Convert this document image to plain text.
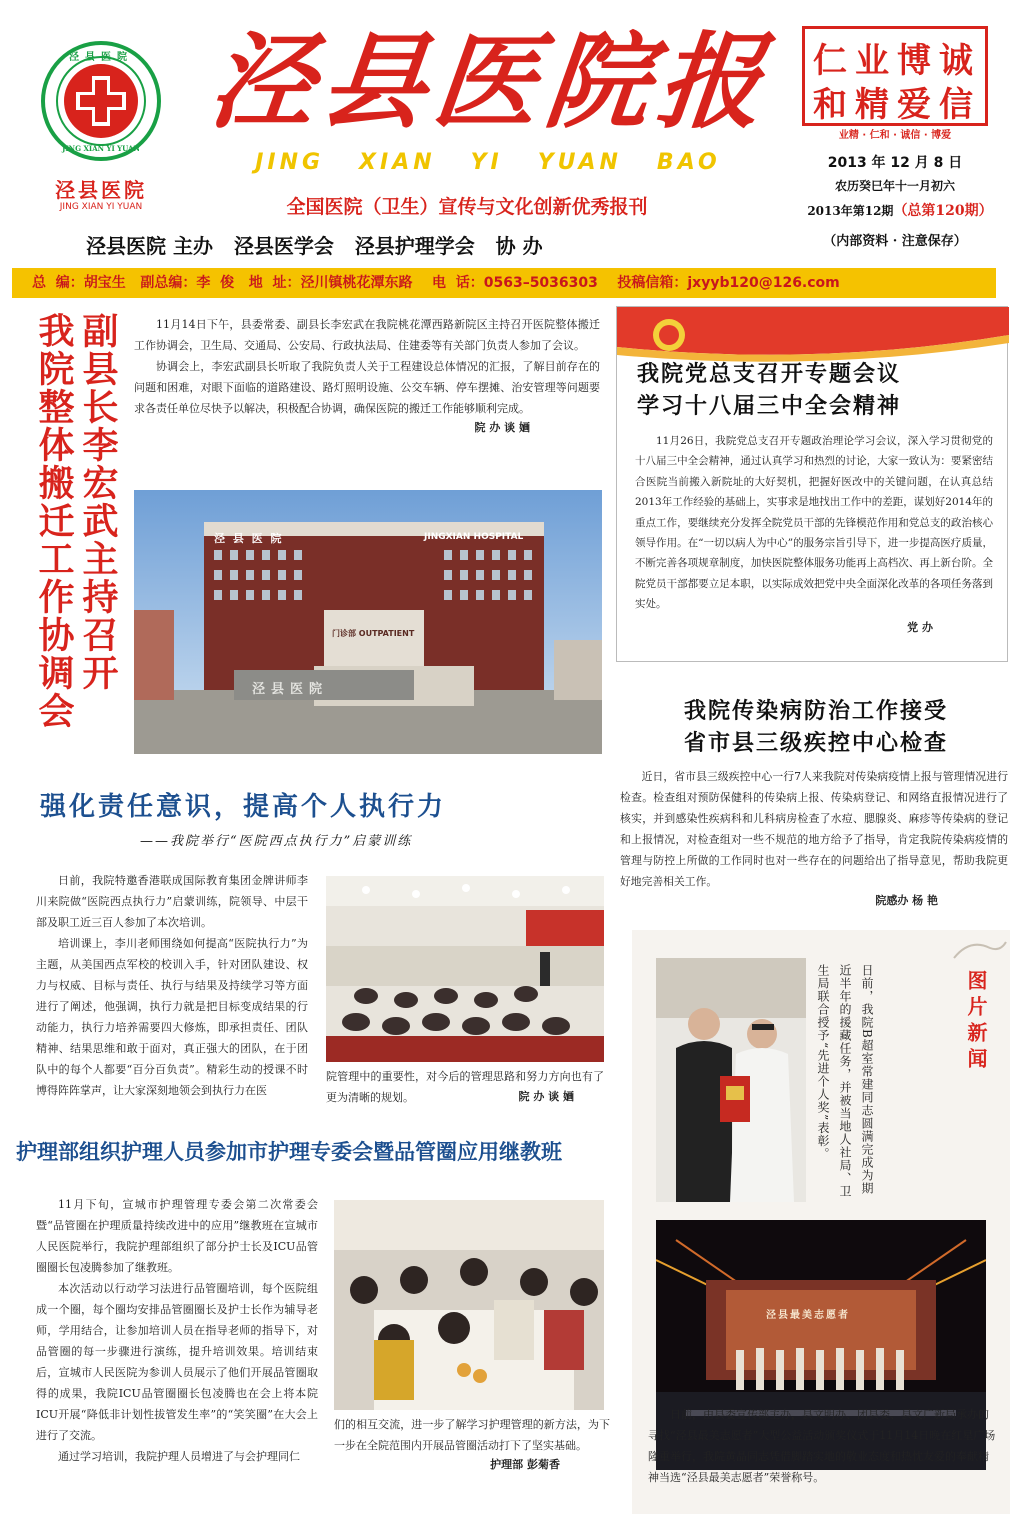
泾县医院
JING XIAN YI YUAN
泾县医院
JING XIAN YI YUAN
泾县医院报
JING   XIAN   YI   YUAN   BAO
全国医院（卫生）宣传与文化创新优秀报刊
泾县医院 主办   泾县医学会   泾县护理学会   协 办
诚
信
博
爱
业
精
仁
和
业精 · 仁和 · 诚信 · 博爱
2013 年 12 月 8 日
农历癸巳年十一月初六
2013年第12期（总第120期）
（内部资料 · 注意保存）
总  编：胡宝生   副总编：李  俊   地  址：泾川镇桃花潭东路    电  话：0563–5036303    投稿信箱：jxyyb120@126.com
我院整体搬迁工作协调会 副县长李宏武主持召开	11月14日下午，县委常委、副县长李宏武在我院桃花潭西路新院区主持召开医院整体搬迁工作协调会，卫生局、交通局、公安局、行政执法局、住建委等有关部门负责人参加了会议。

协调会上，李宏武副县长听取了我院负责人关于工程建设总体情况的汇报，了解目前存在的问题和困难，对眼下面临的道路建设、路灯照明设施、公交车辆、停车摆摊、治安管理等问题要求各责任单位尽快予以解决，积极配合协调，确保医院的搬迁工作能够顺利完成。

院 办 谈 婳
泾 县 医 院	JINGXIAN HOSPITAL
门诊部 OUTPATIENT
泾县医院
我院党总支召开专题会议
学习十八届三中全会精神

11月26日，我院党总支召开专题政治理论学习会议，深入学习贯彻党的十八届三中全会精神，通过认真学习和热烈的讨论，大家一致认为：要紧密结合医院当前搬入新院址的大好契机，把握好医改中的关键问题，在认真总结2013年工作经验的基础上，实事求是地找出工作中的差距，谋划好2014年的重点工作，要继续充分发挥全院党员干部的先锋模范作用和党总支的政治核心领导作用。在“一切以病人为中心”的服务宗旨引导下，进一步提高医疗质量，不断完善各项规章制度，加快医院整体服务功能再上高档次、再上新台阶。全院党员干部都要立足本职，以实际成效把党中央全面深化改革的各项任务落到实处。

党 办
我院传染病防治工作接受
省市县三级疾控中心检查

近日，省市县三级疾控中心一行7人来我院对传染病疫情上报与管理情况进行检查。检查组对预防保健科的传染病上报、传染病登记、和网络直报情况进行了核实，并到感染性疾病科和儿科病房检查了水痘、腮腺炎、麻疹等传染病的登记和上报情况，对检查组对一些不规范的地方给予了指导，肯定我院传染病疫情的管理与防控上所做的工作同时也对一些存在的问题给出了指导意见，帮助我院更好地完善相关工作。

院感办 杨 艳
强化责任意识，提高个人执行力
——我院举行“医院西点执行力”启蒙训练

日前，我院特邀香港联成国际教育集团金牌讲师李川来院做“医院西点执行力”启蒙训练，院领导、中层干部及职工近三百人参加了本次培训。

培训课上，李川老师围绕如何提高“医院执行力”为主题，从美国西点军校的校训入手，针对团队建设、权力与权威、目标与责任、执行与结果及持续学习等方面进行了阐述，他强调，执行力就是把目标变成结果的行动能力，执行力培养需要四大修炼，即承担责任、团队精神、结果思维和敢于面对，真正强大的团队，在于团队中的每个人都要“百分百负责”。精彩生动的授课不时博得阵阵掌声，让大家深刻地领会到执行力在医

院管理中的重要性，对今后的管理思路和努力方向也有了更为清晰的规划。	院 办 谈 婳
护理部组织护理人员参加市护理专委会暨品管圈应用继教班

11月下旬，宣城市护理管理专委会第二次常委会暨“品管圈在护理质量持续改进中的应用”继教班在宣城市人民医院举行，我院护理部组织了部分护士长及ICU品管圈圈长包凌腾参加了继教班。

本次活动以行动学习法进行品管圈培训，每个医院组成一个圈，每个圈均安排品管圈圈长及护士长作为辅导老师，学用结合，让参加培训人员在指导老师的指导下，对品管圈的每一步骤进行演练，提升培训效果。培训结束后，宣城市人民医院为参训人员展示了他们开展品管圈取得的成果，我院ICU品管圈圈长包凌腾也在会上将本院ICU开展“降低非计划性拔管发生率”的“笑笑圈”在大会上进行了交流。

通过学习培训，我院护理人员增进了与会护理同仁

们的相互交流，进一步了解学习护理管理的新方法，为下一步在全院范围内开展品管圈活动打下了坚实基础。

护理部 彭菊香
日前，我院B超室常建同志圆满完成为期近半年的援藏任务，并被当地人社局、卫生局联合授予“先进个人奖”表彰。	图片新闻
泾县最美志愿者
日前，由县委宣传部主办，县文明办、团县委、县文广新局承办的寻找“泾县最美志愿者”大型公益活动颁奖仪式于11月14日晚在红星广场隆重举行，我院黄晶同志凭借脚踏实地的敬业态度和热忱友爱的奉献精神当选“泾县最美志愿者”荣誉称号。
